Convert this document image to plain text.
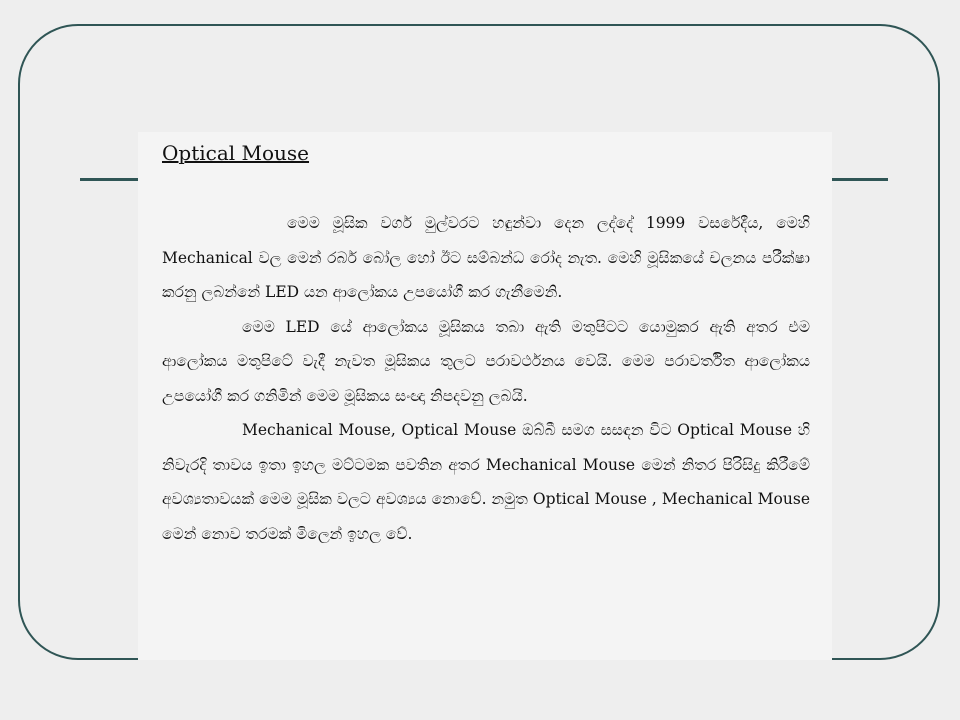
Optical Mouse

මෙම මූසික වර්ග මුල්වරට හඳුන්වා දෙන ලද්දේ 1999 වසරේදීය, මෙහි Mechanical වල මෙන් රබර් බෝල හෝ ඊට සම්බන්ධ රෝද නැත. මෙහි මූසිකයේ චලනය පරීක්ෂා කරනු ලබන්නේ LED යන ආලෝකය උපයෝගී කර ගැනීමෙනි.

මෙම LED යේ ආලෝකය මූසිකය තබා ඇති මතුපිටට යොමුකර ඇති අතර එම ආලෝකය මතුපිටේ වැදී නැවත මූසිකය තුලට පරාවර්ථනය වෙයි. මෙම පරාවර්තිත ආලෝකය උපයෝගී කර ගනිමින් මෙම මූසිකය සංඥා නිපදවනු ලබයි.

Mechanical Mouse, Optical Mouse ඔබ්බී සමග සසඳන විට Optical Mouse හි නිවැරදි තාවය ඉතා ඉහල මට්ටමක පවතින අතර Mechanical Mouse මෙන් නිතර පිරිසිදු කිරීමේ අවශ්‍යතාවයක් මෙම මූසික වලට අවශ්‍යය නොවේ. නමුත Optical Mouse , Mechanical Mouse මෙන් නොව තරමක් මිලෙන් ඉහල වේ.
